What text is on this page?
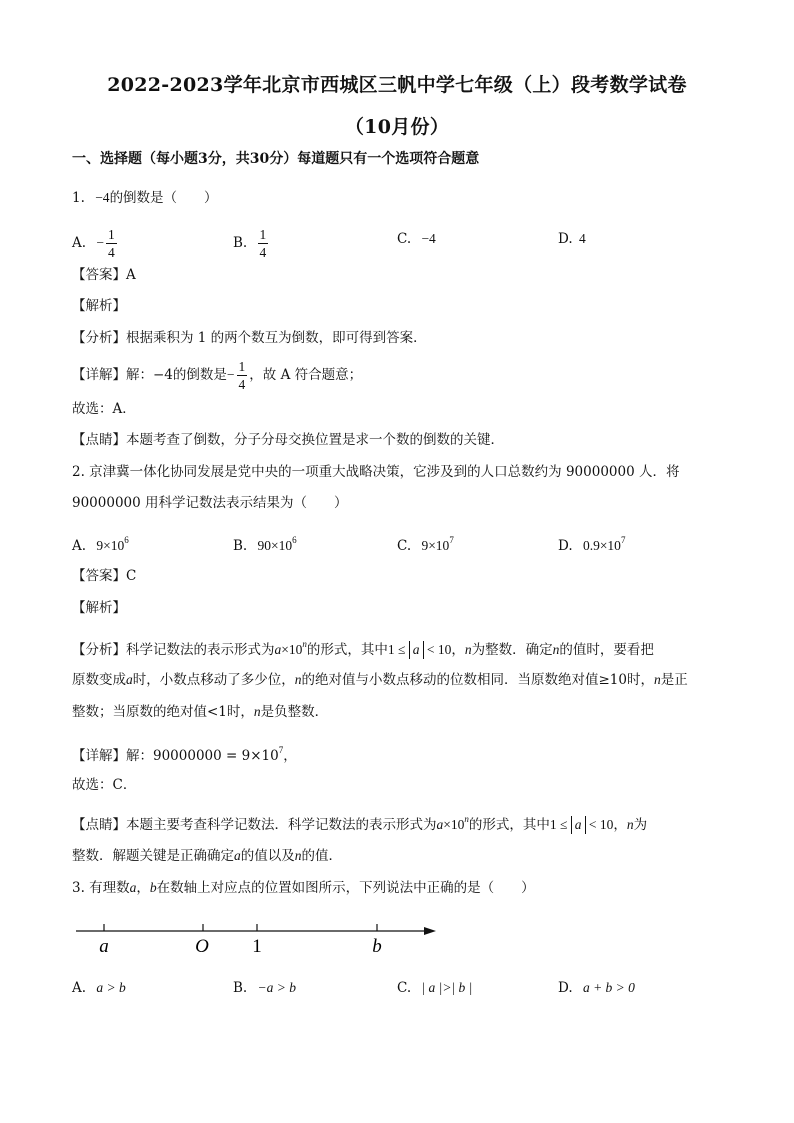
2022-2023学年北京市西城区三帆中学七年级（上）段考数学试卷
（10月份）
一、选择题（每小题3分，共30分）每道题只有一个选项符合题意
1. −4的倒数是（　　）
A. − $\frac{1}{4}$	B. $\frac{1}{4}$	C. −4	D. 4
【答案】A
【解析】
【分析】根据乘积为 1 的两个数互为倒数，即可得到答案．
【详解】解：−4的倒数是− $\frac{1}{4}$ ，故 A 符合题意；
故选：A．
【点睛】本题考查了倒数，分子分母交换位置是求一个数的倒数的关键．
2. 京津冀一体化协同发展是党中央的一项重大战略决策，它涉及到的人口总数约为 90000000 人．将
90000000 用科学记数法表示结果为（　　）
A. $9\times 10^6$	B. $90\times 10^6$	C. $9\times 10^7$	D. $0.9\times 10^7$
【答案】C
【解析】
【分析】科学记数法的表示形式为$a\times 10^n$的形式，其中1 ≤ a < 10，n为整数．确定n的值时，要看把
原数变成a时，小数点移动了多少位，n的绝对值与小数点移动的位数相同．当原数绝对值≥10时，n是正
整数；当原数的绝对值<1时，n是负整数．
【详解】解：$90000000 = 9\times 10^7$，
故选：C．
【点睛】本题主要考查科学记数法．科学记数法的表示形式为$a\times 10^n$的形式，其中1 ≤ a < 10，n为
整数．解题关键是正确确定a的值以及n的值．
3. 有理数a，b在数轴上对应点的位置如图所示，下列说法中正确的是（　　）
a	O 1	b
A. a > b	B. −a > b	C. | a |>| b |	D. a + b > 0
